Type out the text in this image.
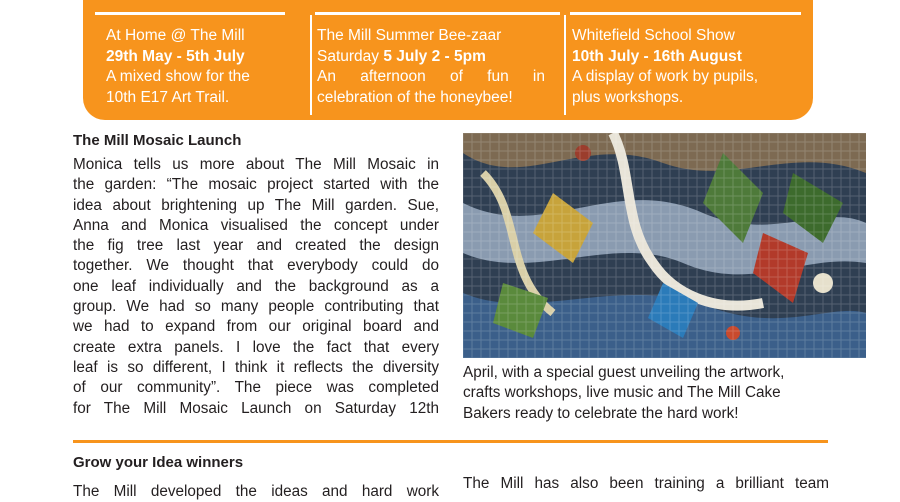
At Home @ The Mill
29th May - 5th July
A mixed show for the
10th E17 Art Trail.
The Mill Summer Bee-zaar
Saturday 5 July 2 - 5pm
An afternoon of fun in
celebration of the honeybee!
Whitefield School Show
10th July - 16th August
A display of work by pupils,
plus workshops.
The Mill Mosaic Launch
Monica tells us more about The Mill Mosaic in
the garden: “The mosaic project started with the
idea about brightening up The Mill garden. Sue,
Anna and Monica visualised the concept under
the fig tree last year and created the design
together. We thought that everybody could do
one leaf individually and the background as a
group. We had so many people contributing that
we had to expand from our original board and
create extra panels. I love the fact that every
leaf is so different, I think it reflects the diversity
of our community”. The piece was completed
for The Mill Mosaic Launch on Saturday 12th
April, with a special guest unveiling the artwork,
crafts workshops, live music and The Mill Cake
Bakers ready to celebrate the hard work!
Grow your Idea winners
The Mill developed the ideas and hard work The Mill has also been training a brilliant team
